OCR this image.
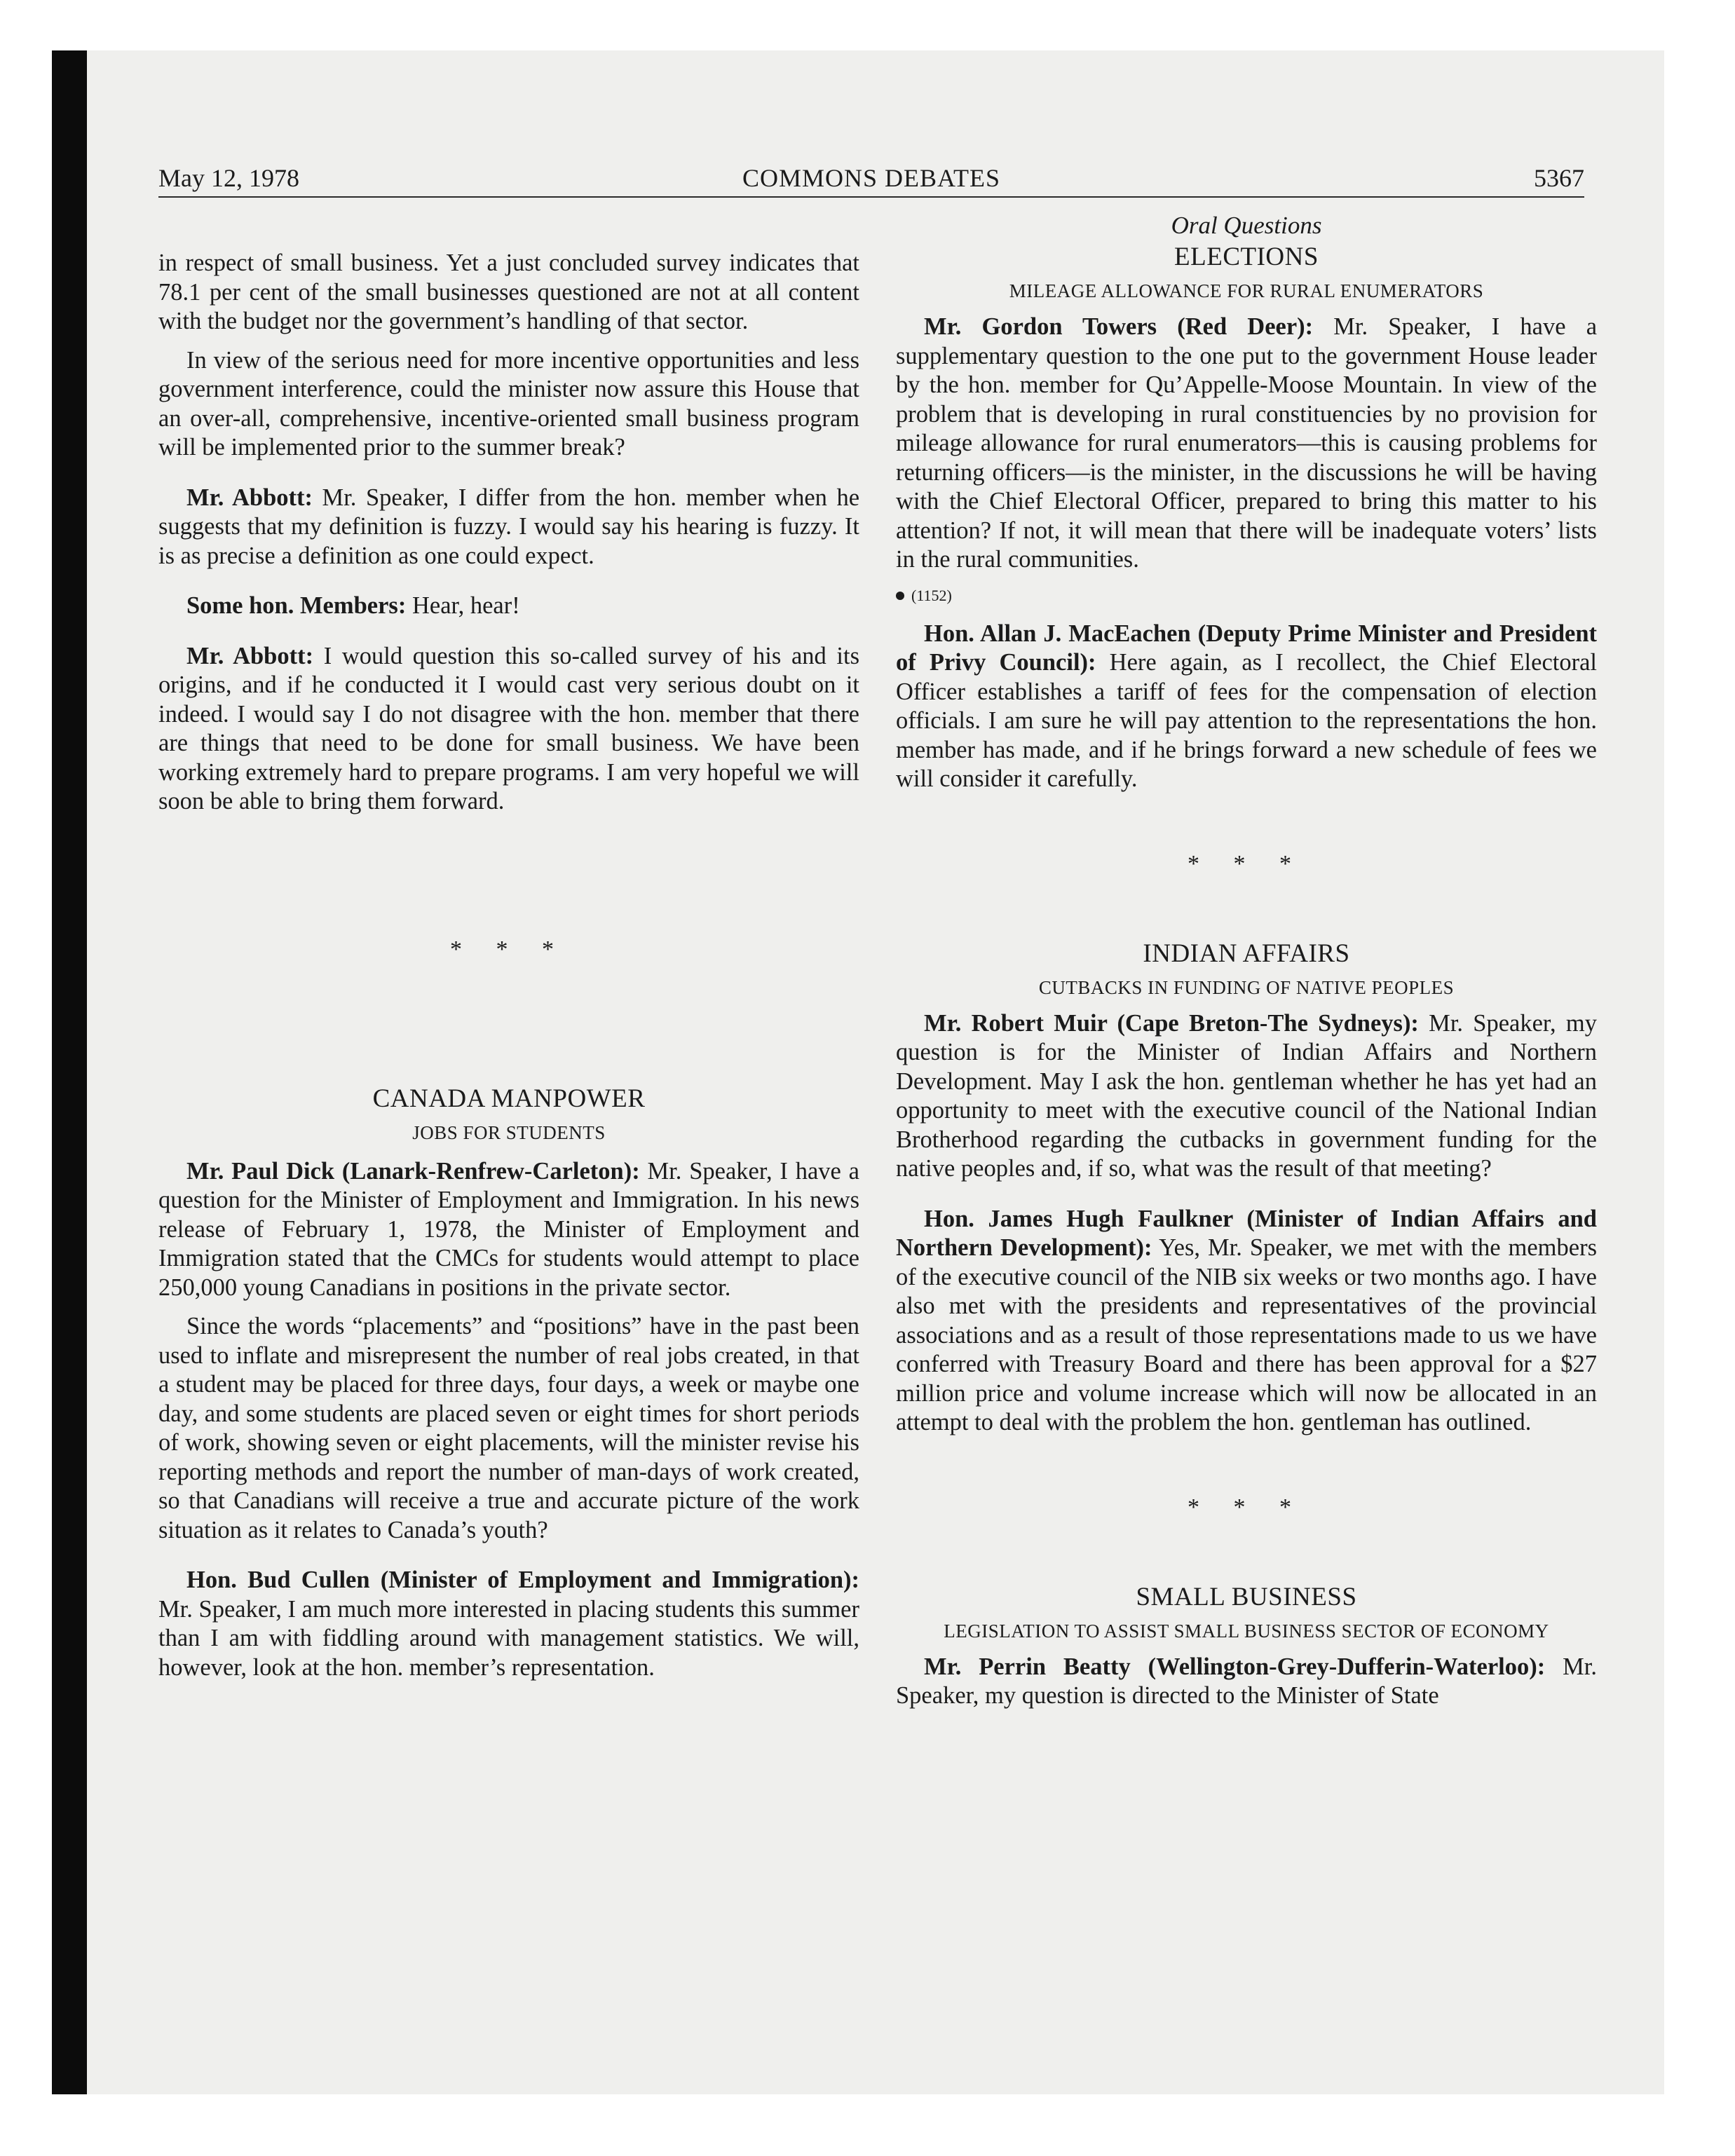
May 12, 1978	COMMONS DEBATES	5367

in respect of small business. Yet a just concluded survey indicates that 78.1 per cent of the small businesses questioned are not at all content with the budget nor the government’s handling of that sector.

In view of the serious need for more incentive opportunities and less government interference, could the minister now assure this House that an over-all, comprehensive, incentive-oriented small business program will be implemented prior to the summer break?

Mr. Abbott: Mr. Speaker, I differ from the hon. member when he suggests that my definition is fuzzy. I would say his hearing is fuzzy. It is as precise a definition as one could expect.

Some hon. Members: Hear, hear!

Mr. Abbott: I would question this so-called survey of his and its origins, and if he conducted it I would cast very serious doubt on it indeed. I would say I do not disagree with the hon. member that there are things that need to be done for small business. We have been working extremely hard to prepare programs. I am very hopeful we will soon be able to bring them forward.

* * *

CANADA MANPOWER

JOBS FOR STUDENTS

Mr. Paul Dick (Lanark-Renfrew-Carleton): Mr. Speaker, I have a question for the Minister of Employment and Immigration. In his news release of February 1, 1978, the Minister of Employment and Immigration stated that the CMCs for students would attempt to place 250,000 young Canadians in positions in the private sector.

Since the words “placements” and “positions” have in the past been used to inflate and misrepresent the number of real jobs created, in that a student may be placed for three days, four days, a week or maybe one day, and some students are placed seven or eight times for short periods of work, showing seven or eight placements, will the minister revise his reporting methods and report the number of man-days of work created, so that Canadians will receive a true and accurate picture of the work situation as it relates to Canada’s youth?

Hon. Bud Cullen (Minister of Employment and Immigration): Mr. Speaker, I am much more interested in placing students this summer than I am with fiddling around with management statistics. We will, however, look at the hon. member’s representation.

Oral Questions

ELECTIONS

MILEAGE ALLOWANCE FOR RURAL ENUMERATORS

Mr. Gordon Towers (Red Deer): Mr. Speaker, I have a supplementary question to the one put to the government House leader by the hon. member for Qu’Appelle-Moose Mountain. In view of the problem that is developing in rural constituencies by no provision for mileage allowance for rural enumerators—this is causing problems for returning officers—is the minister, in the discussions he will be having with the Chief Electoral Officer, prepared to bring this matter to his attention? If not, it will mean that there will be inadequate voters’ lists in the rural communities.

(1152)

Hon. Allan J. MacEachen (Deputy Prime Minister and President of Privy Council): Here again, as I recollect, the Chief Electoral Officer establishes a tariff of fees for the compensation of election officials. I am sure he will pay attention to the representations the hon. member has made, and if he brings forward a new schedule of fees we will consider it carefully.

* * *

INDIAN AFFAIRS

CUTBACKS IN FUNDING OF NATIVE PEOPLES

Mr. Robert Muir (Cape Breton-The Sydneys): Mr. Speaker, my question is for the Minister of Indian Affairs and Northern Development. May I ask the hon. gentleman whether he has yet had an opportunity to meet with the executive council of the National Indian Brotherhood regarding the cutbacks in government funding for the native peoples and, if so, what was the result of that meeting?

Hon. James Hugh Faulkner (Minister of Indian Affairs and Northern Development): Yes, Mr. Speaker, we met with the members of the executive council of the NIB six weeks or two months ago. I have also met with the presidents and representatives of the provincial associations and as a result of those representations made to us we have conferred with Treasury Board and there has been approval for a $27 million price and volume increase which will now be allocated in an attempt to deal with the problem the hon. gentleman has outlined.

* * *

SMALL BUSINESS

LEGISLATION TO ASSIST SMALL BUSINESS SECTOR OF ECONOMY

Mr. Perrin Beatty (Wellington-Grey-Dufferin-Waterloo): Mr. Speaker, my question is directed to the Minister of State
